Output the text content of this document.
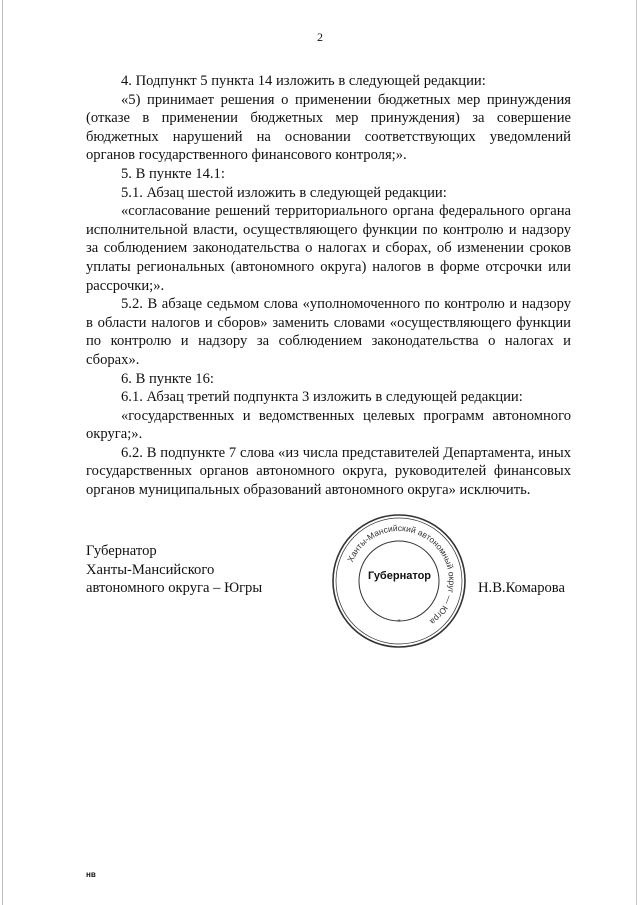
2

4. Подпункт 5 пункта 14 изложить в следующей редакции:

«5) принимает решения о применении бюджетных мер принуждения (отказе в применении бюджетных мер принуждения) за совершение бюджетных нарушений на основании соответствующих уведомлений органов государственного финансового контроля;».

5. В пункте 14.1:

5.1. Абзац шестой изложить в следующей редакции:

«согласование решений территориального органа федерального органа исполнительной власти, осуществляющего функции по контролю и надзору за соблюдением законодательства о налогах и сборах, об изменении сроков уплаты региональных (автономного округа) налогов в форме отсрочки или рассрочки;».

5.2. В абзаце седьмом слова «уполномоченного по контролю и надзору в области налогов и сборов» заменить словами «осуществляющего функции по контролю и надзору за соблюдением законодательства о налогах и сборах».

6. В пункте 16:

6.1. Абзац третий подпункта 3 изложить в следующей редакции:

«государственных и ведомственных целевых программ автономного округа;».

6.2. В подпункте 7 слова «из числа представителей Департамента, иных государственных органов автономного округа, руководителей финансовых органов муниципальных образований автономного округа» исключить.

Губернатор
Ханты-Мансийского
автономного округа – Югры
Ханты-Мансийский автономный округ — Югра
*
Губернатор
Н.В.Комарова
нв
